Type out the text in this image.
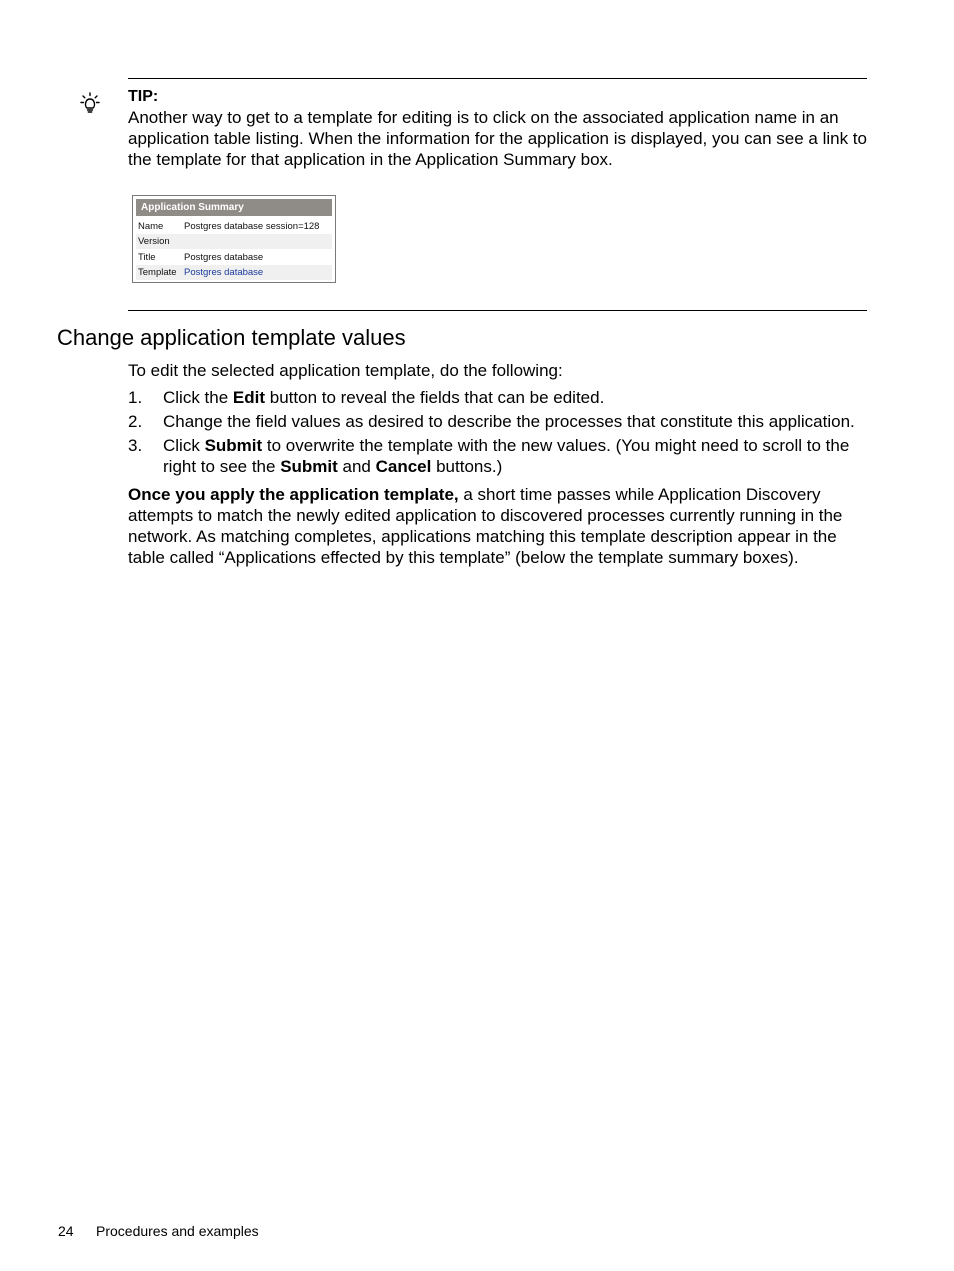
TIP:
Another way to get to a template for editing is to click on the associated application name in an application table listing. When the information for the application is displayed, you can see a link to the template for that application in the Application Summary box.
Application Summary
Name Postgres database session=128
Version
Title	Postgres database
Template Postgres database
Change application template values
To edit the selected application template, do the following:
1. Click the Edit button to reveal the fields that can be edited.
2. Change the field values as desired to describe the processes that constitute this application.
3. Click Submit to overwrite the template with the new values. (You might need to scroll to the right to see the Submit and Cancel buttons.)
Once you apply the application template, a short time passes while Application Discovery attempts to match the newly edited application to discovered processes currently running in the network. As matching completes, applications matching this template description appear in the table called “Applications effected by this template” (below the template summary boxes).
24 Procedures and examples
